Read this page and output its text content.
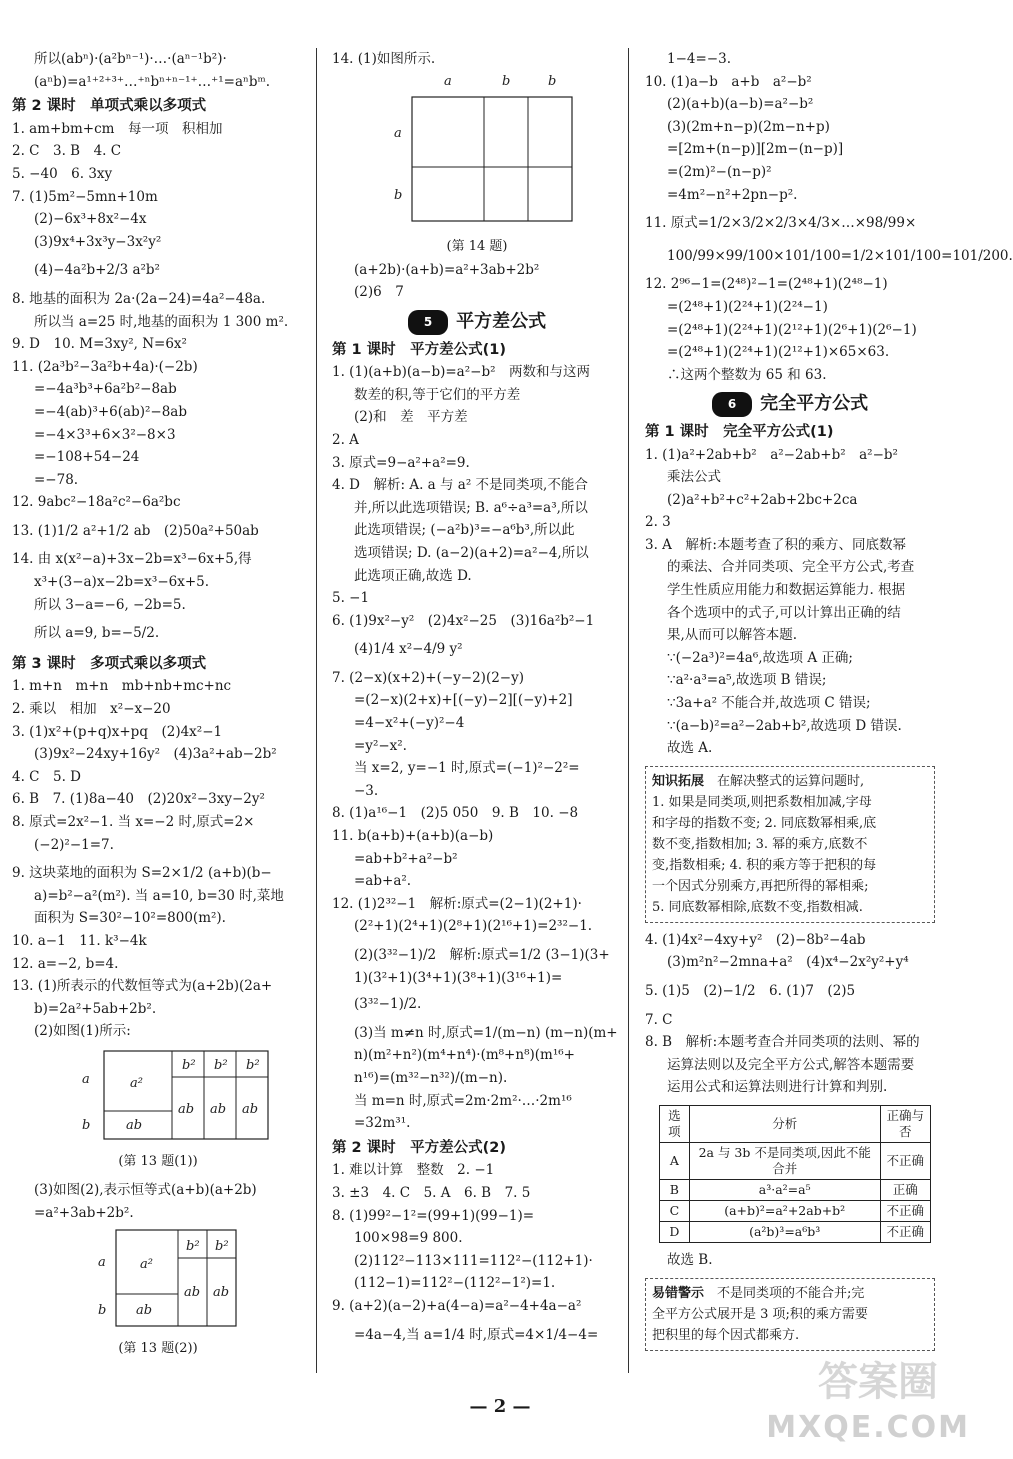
所以(abⁿ)·(a²bⁿ⁻¹)·…·(aⁿ⁻¹b²)·
(aⁿb)=a¹⁺²⁺³⁺…⁺ⁿbⁿ⁺ⁿ⁻¹⁺…⁺¹=aⁿbᵐ.
第 2 课时　单项式乘以多项式
1. am+bm+cm　每一项　积相加
2. C　3. B　4. C
5. −40　6. 3xy
7. (1)5m²−5mn+10m
(2)−6x³+8x²−4x
(3)9x⁴+3x³y−3x²y²
(4)−4a²b+2/3 a²b²
8. 地基的面积为 2a·(2a−24)=4a²−48a.
所以当 a=25 时,地基的面积为 1 300 m².
9. D　10. M=3xy², N=6x²
11. (2a³b²−3a²b+4a)·(−2b)
=−4a³b³+6a²b²−8ab
=−4(ab)³+6(ab)²−8ab
=−4×3³+6×3²−8×3
=−108+54−24
=−78.
12. 9abc²−18a²c²−6a²bc
13. (1)1/2 a²+1/2 ab　(2)50a²+50ab
14. 由 x(x²−a)+3x−2b=x³−6x+5,得
x³+(3−a)x−2b=x³−6x+5.
所以 3−a=−6, −2b=5.
所以 a=9, b=−5/2.
第 3 课时　多项式乘以多项式
1. m+n　m+n　mb+nb+mc+nc
2. 乘以　相加　x²−x−20
3. (1)x²+(p+q)x+pq　(2)4x²−1
(3)9x²−24xy+16y²　(4)3a²+ab−2b²
4. C　5. D
6. B　7. (1)8a−40　(2)20x²−3xy−2y²
8. 原式=2x²−1. 当 x=−2 时,原式=2×
(−2)²−1=7.
9. 这块菜地的面积为 S=2×1/2 (a+b)(b−
a)=b²−a²(m²). 当 a=10, b=30 时,菜地
面积为 S=30²−10²=800(m²).
10. a−1　11. k³−4k
12. a=−2, b=4.
13. (1)所表示的代数恒等式为(a+2b)(2a+
b)=2a²+5ab+2b².
(2)如图(1)所示:
a
b
a²
ab
b² b² b²
ab ab ab
(第 13 题(1))
(3)如图(2),表示恒等式(a+b)(a+2b)
=a²+3ab+2b².
a
b
a²
ab
b² b²
ab ab
(第 13 题(2))
14. (1)如图所示.
a	b	b
a
b
(第 14 题)
(a+2b)·(a+b)=a²+3ab+2b²
(2)6　7
5	平方差公式
第 1 课时　平方差公式(1)
1. (1)(a+b)(a−b)=a²−b²　两数和与这两
数差的积,等于它们的平方差
(2)和　差　平方差
2. A
3. 原式=9−a²+a²=9.
4. D　解析: A. a 与 a² 不是同类项,不能合
并,所以此选项错误; B. a⁶÷a³=a³,所以
此选项错误; (−a²b)³=−a⁶b³,所以此
选项错误; D. (a−2)(a+2)=a²−4,所以
此选项正确,故选 D.
5. −1
6. (1)9x²−y²　(2)4x²−25　(3)16a²b²−1
(4)1/4 x²−4/9 y²
7. (2−x)(x+2)+(−y−2)(2−y)
=(2−x)(2+x)+[(−y)−2][(−y)+2]
=4−x²+(−y)²−4
=y²−x².
当 x=2, y=−1 时,原式=(−1)²−2²=
−3.
8. (1)a¹⁶−1　(2)5 050　9. B　10. −8
11. b(a+b)+(a+b)(a−b)
=ab+b²+a²−b²
=ab+a².
12. (1)2³²−1　解析:原式=(2−1)(2+1)·
(2²+1)(2⁴+1)(2⁸+1)(2¹⁶+1)=2³²−1.
(2)(3³²−1)/2　解析:原式=1/2 (3−1)(3+
1)(3²+1)(3⁴+1)(3⁸+1)(3¹⁶+1)=
(3³²−1)/2.
(3)当 m≠n 时,原式=1/(m−n) (m−n)(m+
n)(m²+n²)(m⁴+n⁴)·(m⁸+n⁸)(m¹⁶+
n¹⁶)=(m³²−n³²)/(m−n).
当 m=n 时,原式=2m·2m²·…·2m¹⁶
=32m³¹.
第 2 课时　平方差公式(2)
1. 难以计算　整数　2. −1
3. ±3　4. C　5. A　6. B　7. 5
8. (1)99²−1²=(99+1)(99−1)=
100×98=9 800.
(2)112²−113×111=112²−(112+1)·
(112−1)=112²−(112²−1²)=1.
9. (a+2)(a−2)+a(4−a)=a²−4+4a−a²
=4a−4,当 a=1/4 时,原式=4×1/4−4=
1−4=−3.
10. (1)a−b　a+b　a²−b²
(2)(a+b)(a−b)=a²−b²
(3)(2m+n−p)(2m−n+p)
=[2m+(n−p)][2m−(n−p)]
=(2m)²−(n−p)²
=4m²−n²+2pn−p².
11. 原式=1/2×3/2×2/3×4/3×…×98/99×
100/99×99/100×101/100=1/2×101/100=101/200.
12. 2⁹⁶−1=(2⁴⁸)²−1=(2⁴⁸+1)(2⁴⁸−1)
=(2⁴⁸+1)(2²⁴+1)(2²⁴−1)
=(2⁴⁸+1)(2²⁴+1)(2¹²+1)(2⁶+1)(2⁶−1)
=(2⁴⁸+1)(2²⁴+1)(2¹²+1)×65×63.
∴这两个整数为 65 和 63.
6	完全平方公式
第 1 课时　完全平方公式(1)
1. (1)a²+2ab+b²　a²−2ab+b²　a²−b²
乘法公式
(2)a²+b²+c²+2ab+2bc+2ca
2. 3
3. A　解析:本题考查了积的乘方、同底数幂
的乘法、合并同类项、完全平方公式,考查
学生性质应用能力和数据运算能力. 根据
各个选项中的式子,可以计算出正确的结
果,从而可以解答本题.
∵(−2a³)²=4a⁶,故选项 A 正确;
∵a²·a³=a⁵,故选项 B 错误;
∵3a+a² 不能合并,故选项 C 错误;
∵(a−b)²=a²−2ab+b²,故选项 D 错误.
故选 A.
知识拓展　 在解决整式的运算问题时,
1. 如果是同类项,则把系数相加减,字母
和字母的指数不变; 2. 同底数幂相乘,底
数不变,指数相加; 3. 幂的乘方,底数不
变,指数相乘; 4. 积的乘方等于把积的每
一个因式分别乘方,再把所得的幂相乘;
5. 同底数幂相除,底数不变,指数相减.
4. (1)4x²−4xy+y²　(2)−8b²−4ab
(3)m²n²−2mna+a²　(4)x⁴−2x²y²+y⁴
5. (1)5　(2)−1/2　6. (1)7　(2)5
7. C
8. B　解析:本题考查合并同类项的法则、幂的
运算法则以及完全平方公式,解答本题需要
运用公式和运算法则进行计算和判别.
选项	分析	正确与否
A	2a 与 3b 不是同类项,因此不能合并	不正确
B	a³·a²=a⁵	正确
C	(a+b)²=a²+2ab+b²	不正确
D	(a²b)³=a⁶b³	不正确
故选 B.
易错警示　 不是同类项的不能合并;完
全平方公式展开是 3 项;积的乘方需要
把积里的每个因式都乘方.
— 2 —
答案圈
MXQE.COM
